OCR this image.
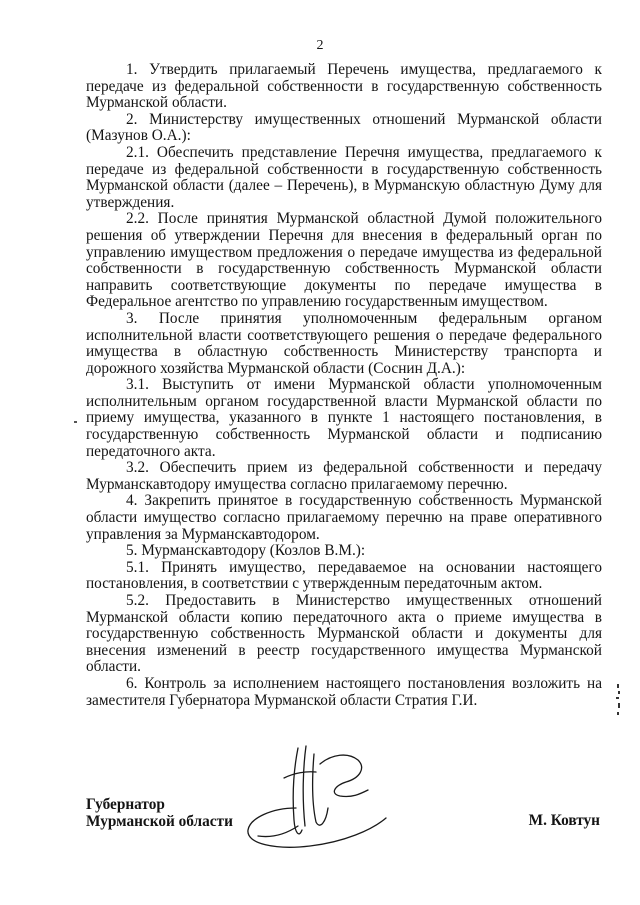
2

1. Утвердить прилагаемый Перечень имущества, предлагаемого к передаче из федеральной собственности в государственную собственность Мурманской области.

2. Министерству имущественных отношений Мурманской области (Мазунов О.А.):

2.1. Обеспечить представление Перечня имущества, предлагаемого к передаче из федеральной собственности в государственную собственность Мурманской области (далее – Перечень), в Мурманскую областную Думу для утверждения.

2.2. После принятия Мурманской областной Думой положительного решения об утверждении Перечня для внесения в федеральный орган по управлению имуществом предложения о передаче имущества из федеральной собственности в государственную собственность Мурманской области направить соответствующие документы по передаче имущества в Федеральное агентство по управлению государственным имуществом.

3. После принятия уполномоченным федеральным органом исполнительной власти соответствующего решения о передаче федерального имущества в областную собственность Министерству транспорта и дорожного хозяйства Мурманской области (Соснин Д.А.):

3.1. Выступить от имени Мурманской области уполномоченным исполнительным органом государственной власти Мурманской области по приему имущества, указанного в пункте 1 настоящего постановления, в государственную собственность Мурманской области и подписанию передаточного акта.

3.2. Обеспечить прием из федеральной собственности и передачу Мурманскавтодору имущества согласно прилагаемому перечню.

4. Закрепить принятое в государственную собственность Мурманской области имущество согласно прилагаемому перечню на праве оперативного управления за Мурманскавтодором.

5. Мурманскавтодору (Козлов В.М.):

5.1. Принять имущество, передаваемое на основании настоящего постановления, в соответствии с утвержденным передаточным актом.

5.2. Предоставить в Министерство имущественных отношений Мурманской области копию передаточного акта о приеме имущества в государственную собственность Мурманской области и документы для внесения изменений в реестр государственного имущества Мурманской области.

6. Контроль за исполнением настоящего постановления возложить на заместителя Губернатора Мурманской области Стратия Г.И.

Губернатор
Мурманской области	М. Ковтун
